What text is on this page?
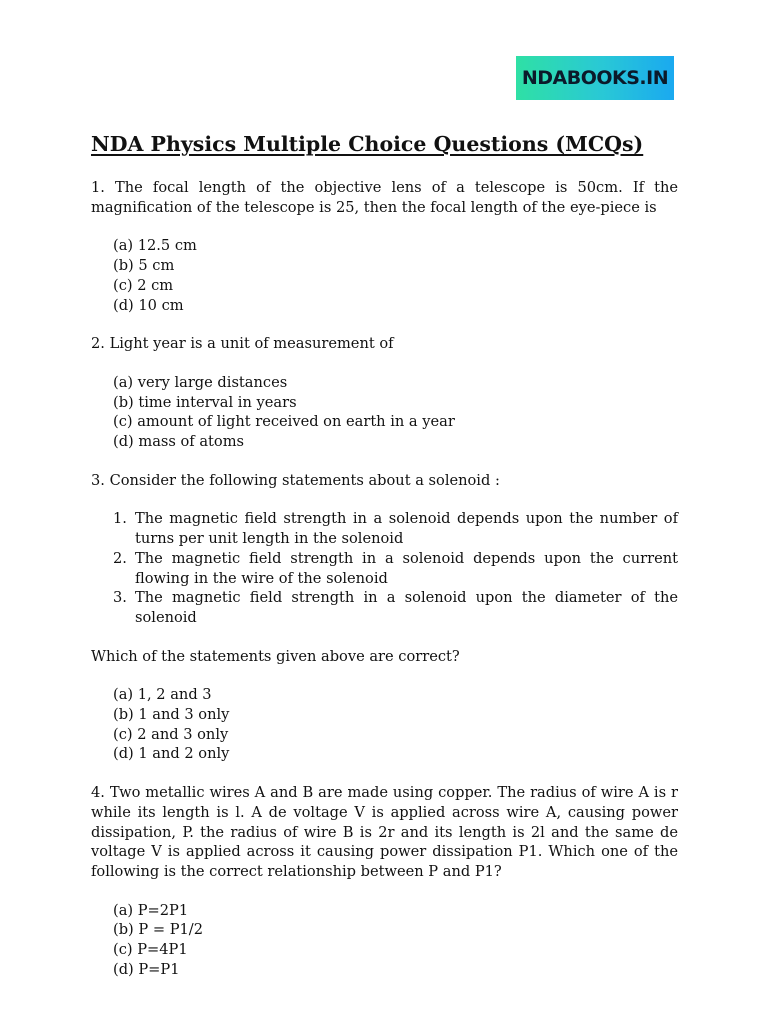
NDABOOKS.IN
NDA Physics Multiple Choice Questions (MCQs)

1. The focal length of the objective lens of a telescope is 50cm. If the magnification of the telescope is 25, then the focal length of the eye-piece is

(a) 12.5 cm
(b) 5 cm
(c) 2 cm
(d) 10 cm

2. Light year is a unit of measurement of

(a) very large distances
(b) time interval in years
(c) amount of light received on earth in a year
(d) mass of atoms

3. Consider the following statements about a solenoid :

1. The magnetic field strength in a solenoid depends upon the number of turns per unit length in the solenoid
2. The magnetic field strength in a solenoid depends upon the current flowing in the wire of the solenoid
3. The magnetic field strength in a solenoid upon the diameter of the solenoid

Which of the statements given above are correct?

(a) 1, 2 and 3
(b) 1 and 3 only
(c) 2 and 3 only
(d) 1 and 2 only

4. Two metallic wires A and B are made using copper. The radius of wire A is r while its length is l. A de voltage V is applied across wire A, causing power dissipation, P. the radius of wire B is 2r and its length is 2l and the same de voltage V is applied across it causing power dissipation P1. Which one of the following is the correct relationship between P and P1?

(a) P=2P1
(b) P = P1/2
(c) P=4P1
(d) P=P1
